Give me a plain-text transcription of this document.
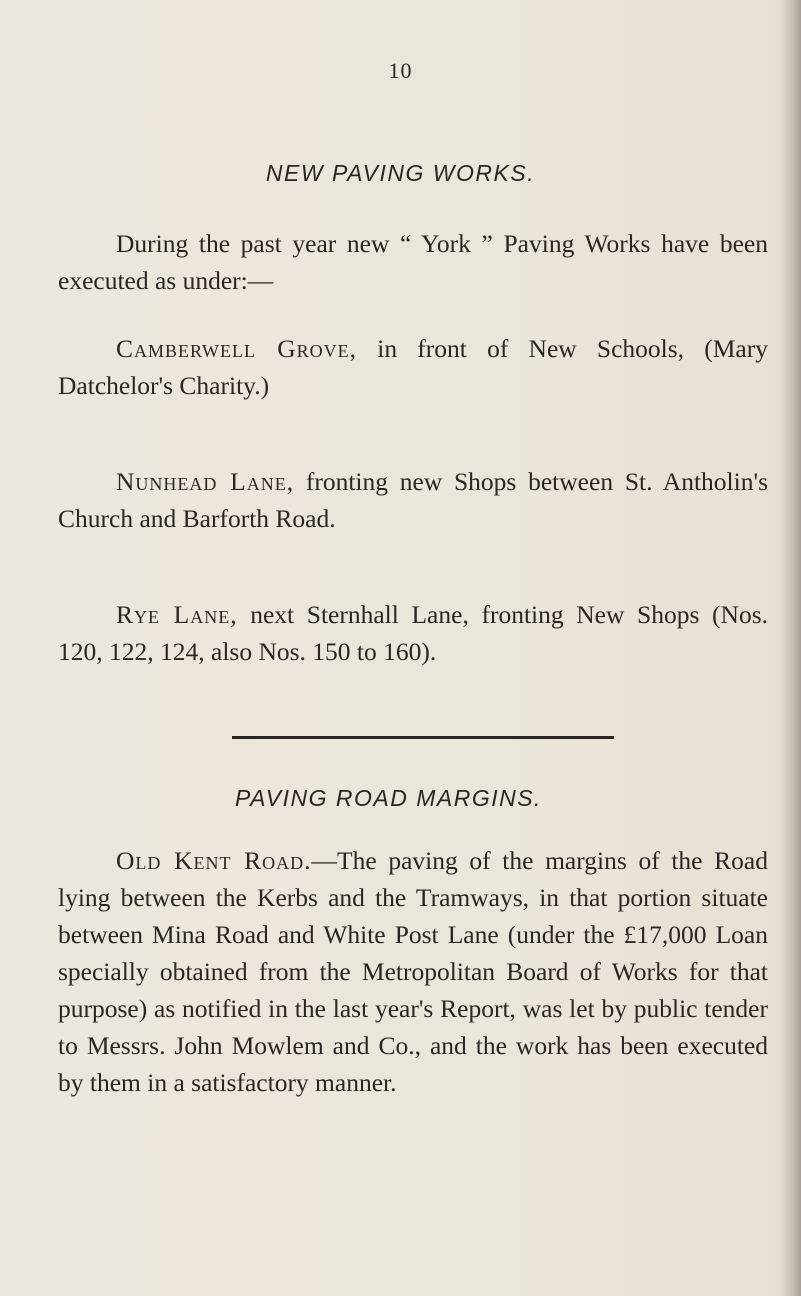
10
NEW PAVING WORKS.

During the past year new “ York ” Paving Works have been executed as under:—

Camberwell Grove, in front of New Schools, (Mary Datchelor's Charity.)

Nunhead Lane, fronting new Shops between St. Antholin's Church and Barforth Road.

Rye Lane, next Sternhall Lane, fronting New Shops (Nos. 120, 122, 124, also Nos. 150 to 160).

PAVING ROAD MARGINS.

Old Kent Road.—The paving of the margins of the Road lying between the Kerbs and the Tramways, in that portion situate between Mina Road and White Post Lane (under the £17,000 Loan specially obtained from the Metropolitan Board of Works for that purpose) as notified in the last year's Report, was let by public tender to Messrs. John Mowlem and Co., and the work has been executed by them in a satisfactory manner.
